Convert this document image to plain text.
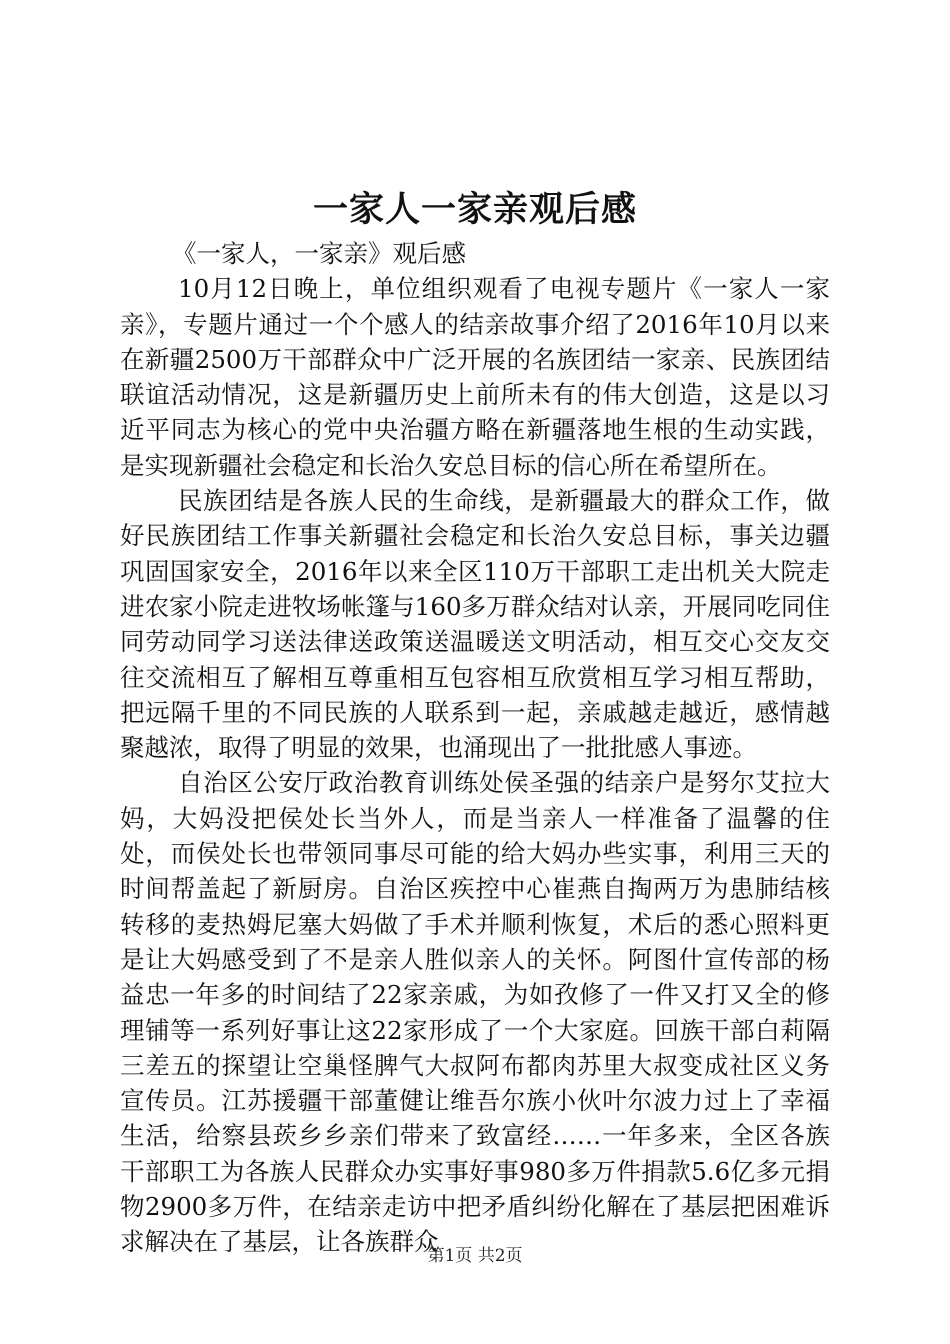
一家人一家亲观后感

《一家人，一家亲》观后感

10月12日晚上，单位组织观看了电视专题片《一家人一家亲》，专题片通过一个个感人的结亲故事介绍了2016年10月以来在新疆2500万干部群众中广泛开展的名族团结一家亲、民族团结联谊活动情况，这是新疆历史上前所未有的伟大创造，这是以习近平同志为核心的党中央治疆方略在新疆落地生根的生动实践，是实现新疆社会稳定和长治久安总目标的信心所在希望所在。

民族团结是各族人民的生命线，是新疆最大的群众工作，做好民族团结工作事关新疆社会稳定和长治久安总目标，事关边疆巩固国家安全，2016年以来全区110万干部职工走出机关大院走进农家小院走进牧场帐篷与160多万群众结对认亲，开展同吃同住同劳动同学习送法律送政策送温暖送文明活动，相互交心交友交往交流相互了解相互尊重相互包容相互欣赏相互学习相互帮助，把远隔千里的不同民族的人联系到一起，亲戚越走越近，感情越聚越浓，取得了明显的效果，也涌现出了一批批感人事迹。

自治区公安厅政治教育训练处侯圣强的结亲户是努尔艾拉大妈，大妈没把侯处长当外人，而是当亲人一样准备了温馨的住处，而侯处长也带领同事尽可能的给大妈办些实事，利用三天的时间帮盖起了新厨房。自治区疾控中心崔燕自掏两万为患肺结核转移的麦热姆尼塞大妈做了手术并顺利恢复，术后的悉心照料更是让大妈感受到了不是亲人胜似亲人的关怀。阿图什宣传部的杨益忠一年多的时间结了22家亲戚，为如孜修了一件又打又全的修理铺等一系列好事让这22家形成了一个大家庭。回族干部白莉隔三差五的探望让空巢怪脾气大叔阿布都肉苏里大叔变成社区义务宣传员。江苏援疆干部董健让维吾尔族小伙叶尔波力过上了幸福生活，给察县莰乡乡亲们带来了致富经……一年多来，全区各族干部职工为各族人民群众办实事好事980多万件捐款5.6亿多元捐物2900多万件，在结亲走访中把矛盾纠纷化解在了基层把困难诉求解决在了基层，让各族群众

第1页 共2页
